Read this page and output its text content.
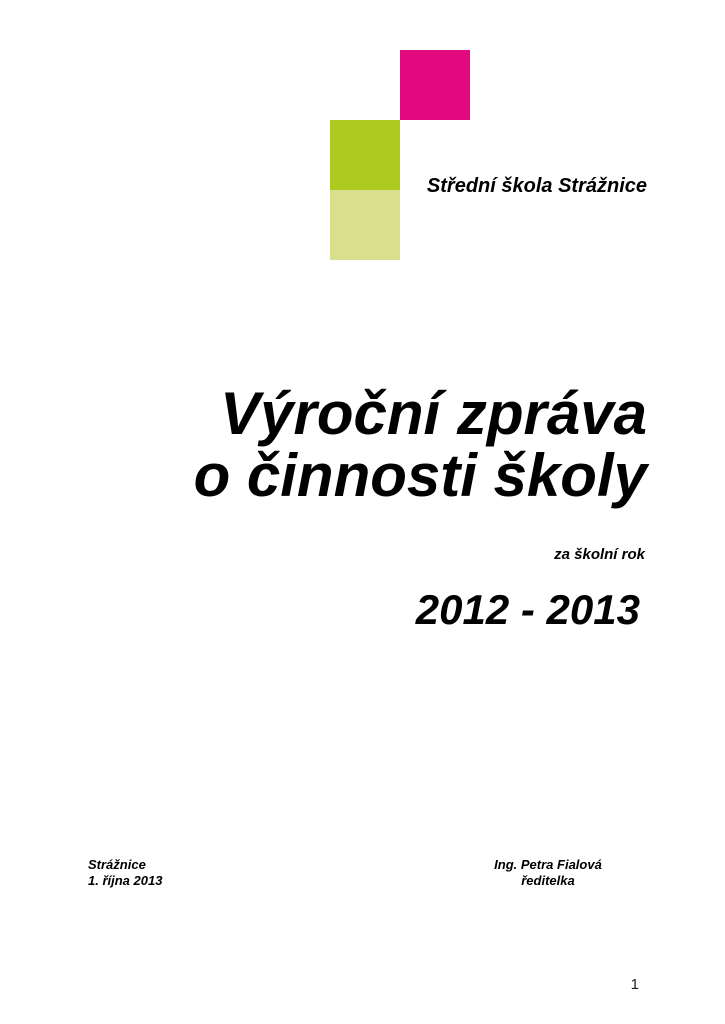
Střední škola Strážnice
Výroční zpráva
o činnosti školy
za školní rok
2012 - 2013
Strážnice
1. října 2013
Ing. Petra Fialová
ředitelka
1
